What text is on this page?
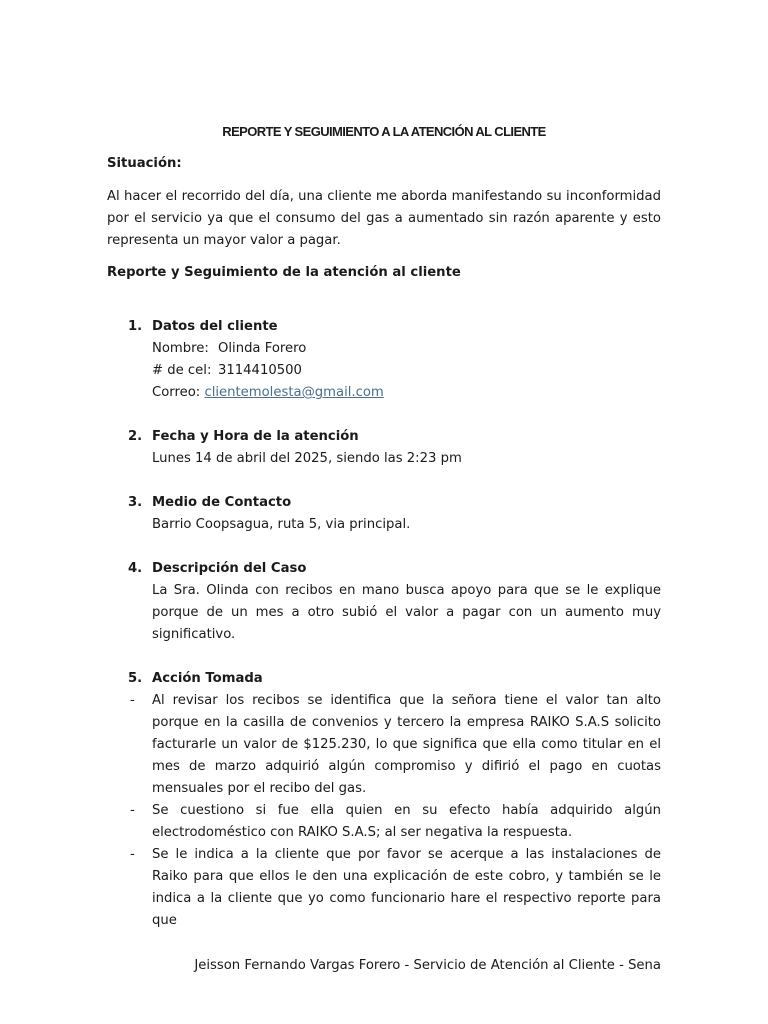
REPORTE Y SEGUIMIENTO A LA ATENCIÓN AL CLIENTE

Situación:

Al hacer el recorrido del día, una cliente me aborda manifestando su inconformidad por el servicio ya que el consumo del gas a aumentado sin razón aparente y esto representa un mayor valor a pagar.

Reporte y Seguimiento de la atención al cliente

1. Datos del cliente

Nombre: Olinda Forero
# de cel: 3114410500
Correo: clientemolesta@gmail.com
2. Fecha y Hora de la atención

Lunes 14 de abril del 2025, siendo las 2:23 pm

3. Medio de Contacto

Barrio Coopsagua, ruta 5, via principal.

4. Descripción del Caso

La Sra. Olinda con recibos en mano busca apoyo para que se le explique porque de un mes a otro subió el valor a pagar con un aumento muy significativo.

5. Acción Tomada

- Al revisar los recibos se identifica que la señora tiene el valor tan alto porque en la casilla de convenios y tercero la empresa RAIKO S.A.S solicito facturarle un valor de $125.230, lo que significa que ella como titular en el mes de marzo adquirió algún compromiso y difirió el pago en cuotas mensuales por el recibo del gas.

- Se cuestiono si fue ella quien en su efecto había adquirido algún electrodoméstico con RAIKO S.A.S; al ser negativa la respuesta.

- Se le indica a la cliente que por favor se acerque a las instalaciones de Raiko para que ellos le den una explicación de este cobro, y también se le indica a la cliente que yo como funcionario hare el respectivo reporte para que

Jeisson Fernando Vargas Forero - Servicio de Atención al Cliente - Sena
